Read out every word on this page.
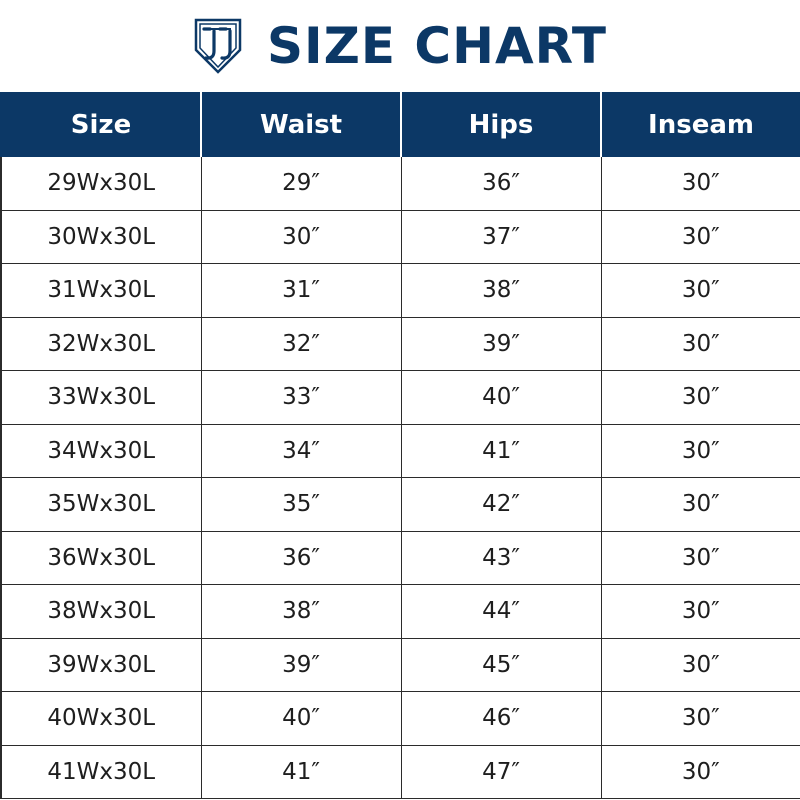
SIZE CHART
Size	Waist	Hips	Inseam
29Wx30L	29″	36″	30″
30Wx30L	30″	37″	30″
31Wx30L	31″	38″	30″
32Wx30L	32″	39″	30″
33Wx30L	33″	40″	30″
34Wx30L	34″	41″	30″
35Wx30L	35″	42″	30″
36Wx30L	36″	43″	30″
38Wx30L	38″	44″	30″
39Wx30L	39″	45″	30″
40Wx30L	40″	46″	30″
41Wx30L	41″	47″	30″
